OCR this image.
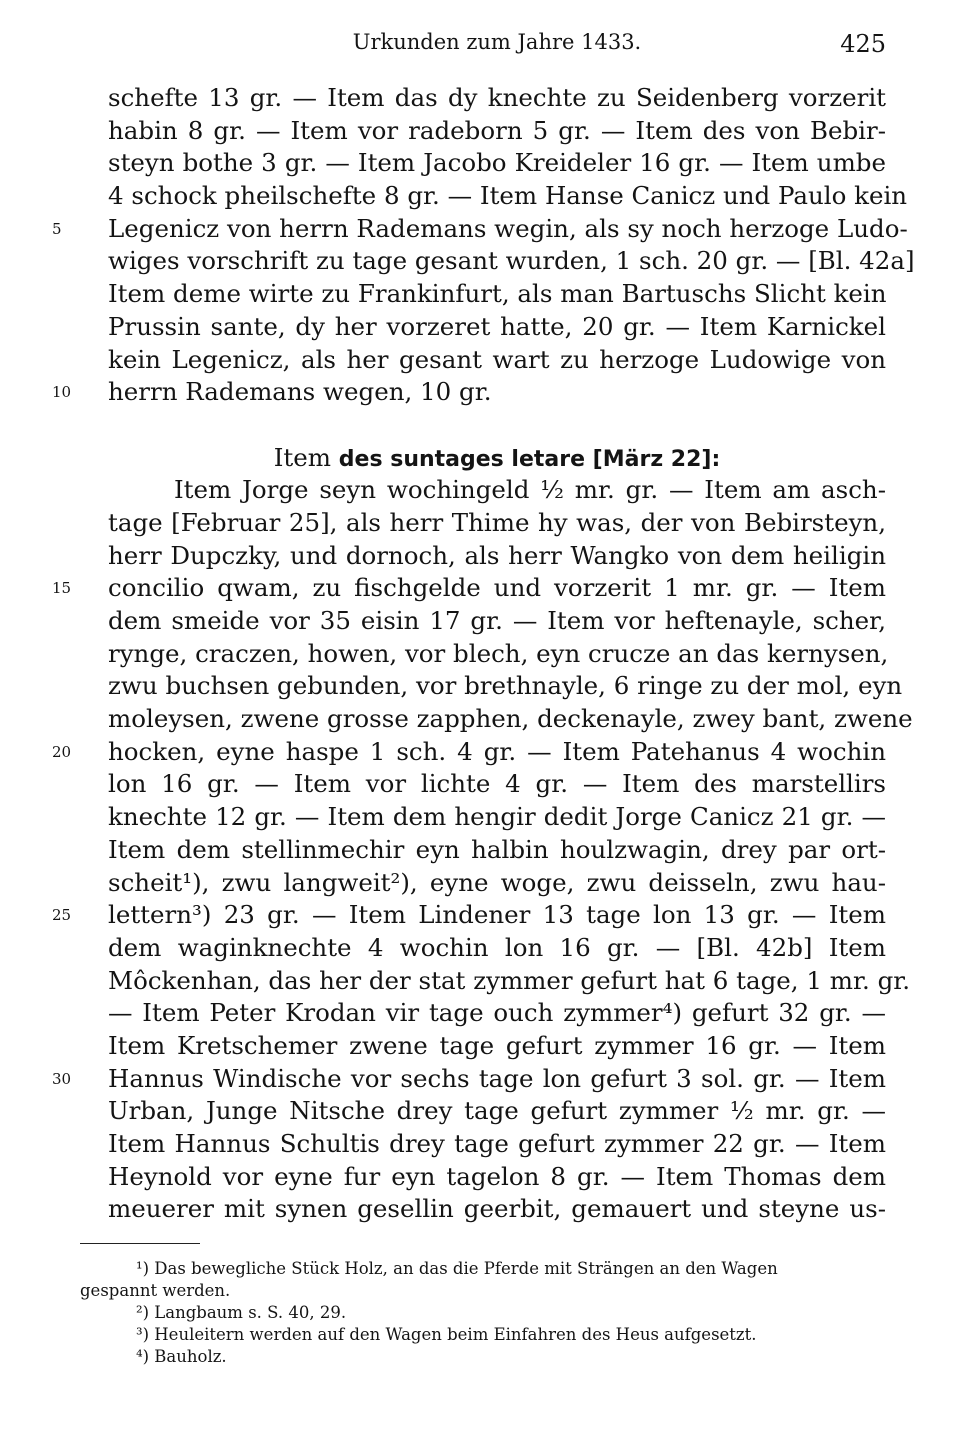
Urkunden zum Jahre 1433.	425
schefte 13 gr. — Item das dy knechte zu Seidenberg vorzerit
habin 8 gr. — Item vor radeborn 5 gr. — Item des von Bebir-
steyn bothe 3 gr. — Item Jacobo Kreideler 16 gr. — Item umbe
4 schock pheilschefte 8 gr. — Item Hanse Canicz und Paulo kein
5	Legenicz von herrn Rademans wegin, als sy noch herzoge Ludo-
wiges vorschrift zu tage gesant wurden, 1 sch. 20 gr. — [Bl. 42a]
Item deme wirte zu Frankinfurt, als man Bartuschs Slicht kein
Prussin sante, dy her vorzeret hatte, 20 gr. — Item Karnickel
kein Legenicz, als her gesant wart zu herzoge Ludowige von
10	herrn Rademans wegen, 10 gr.
Item des suntages letare [März 22]:
Item Jorge seyn wochingeld ½ mr. gr. — Item am asch-
tage [Februar 25], als herr Thime hy was, der von Bebirsteyn,
herr Dupczky, und dornoch, als herr Wangko von dem heiligin
15	concilio qwam, zu fischgelde und vorzerit 1 mr. gr. — Item
dem smeide vor 35 eisin 17 gr. — Item vor heftenayle, scher,
rynge, craczen, howen, vor blech, eyn crucze an das kernysen,
zwu buchsen gebunden, vor brethnayle, 6 ringe zu der mol, eyn
moleysen, zwene grosse zapphen, deckenayle, zwey bant, zwene
20	hocken, eyne haspe 1 sch. 4 gr. — Item Patehanus 4 wochin
lon 16 gr. — Item vor lichte 4 gr. — Item des marstellirs
knechte 12 gr. — Item dem hengir dedit Jorge Canicz 21 gr. —
Item dem stellinmechir eyn halbin houlzwagin, drey par ort-
scheit¹), zwu langweit²), eyne woge, zwu deisseln, zwu hau-
25	lettern³) 23 gr. — Item Lindener 13 tage lon 13 gr. — Item
dem waginknechte 4 wochin lon 16 gr. — [Bl. 42b] Item
Môckenhan, das her der stat zymmer gefurt hat 6 tage, 1 mr. gr.
— Item Peter Krodan vir tage ouch zymmer⁴) gefurt 32 gr. —
Item Kretschemer zwene tage gefurt zymmer 16 gr. — Item
30	Hannus Windische vor sechs tage lon gefurt 3 sol. gr. — Item
Urban, Junge Nitsche drey tage gefurt zymmer ½ mr. gr. —
Item Hannus Schultis drey tage gefurt zymmer 22 gr. — Item
Heynold vor eyne fur eyn tagelon 8 gr. — Item Thomas dem
meuerer mit synen gesellin geerbit, gemauert und steyne us-
¹) Das bewegliche Stück Holz, an das die Pferde mit Strängen an den Wagen
gespannt werden.
²) Langbaum s. S. 40, 29.
³) Heuleitern werden auf den Wagen beim Einfahren des Heus aufgesetzt.
⁴) Bauholz.
